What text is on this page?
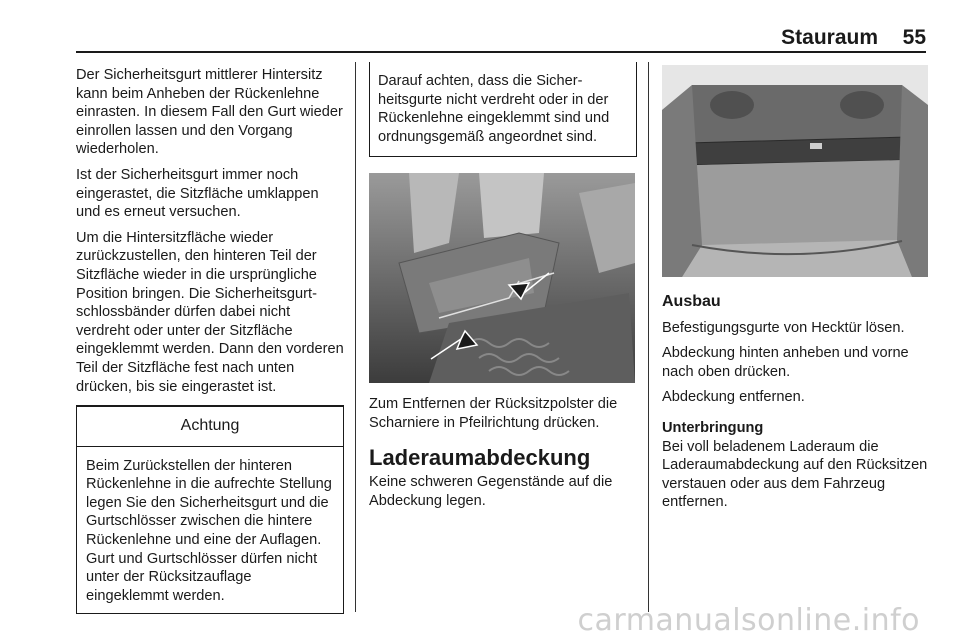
Stauraum 55

Der Sicherheitsgurt mittlerer Hintersitz kann beim Anheben der Rückenlehne einrasten. In diesem Fall den Gurt wieder einrollen lassen und den Vorgang wiederholen.

Ist der Sicherheitsgurt immer noch eingerastet, die Sitzfläche umklappen und es erneut versuchen.

Um die Hintersitzfläche wieder zurückzustellen, den hinteren Teil der Sitzfläche wieder in die ursprüngliche Position bringen. Die Sicherheitsgurtschlossbänder dürfen dabei nicht verdreht oder unter der Sitzfläche eingeklemmt werden. Dann den vorderen Teil der Sitzfläche fest nach unten drücken, bis sie eingerastet ist.

Achtung
Beim Zurückstellen der hinteren Rückenlehne in die aufrechte Stellung legen Sie den Sicherheitsgurt und die Gurtschlösser zwischen die hintere Rückenlehne und eine der Auflagen. Gurt und Gurtschlösser dürfen nicht unter der Rücksitzauflage eingeklemmt werden.
Darauf achten, dass die Sicherheitsgurte nicht verdreht oder in der Rückenlehne eingeklemmt sind und ordnungsgemäß angeordnet sind.

Zum Entfernen der Rücksitzpolster die Scharniere in Pfeilrichtung drücken.

Laderaumabdeckung

Keine schweren Gegenstände auf die Abdeckung legen.

Ausbau

Befestigungsgurte von Hecktür lösen.

Abdeckung hinten anheben und vorne nach oben drücken.

Abdeckung entfernen.

Unterbringung

Bei voll beladenem Laderaum die Laderaumabdeckung auf den Rücksitzen verstauen oder aus dem Fahrzeug entfernen.

carmanualsonline.info
